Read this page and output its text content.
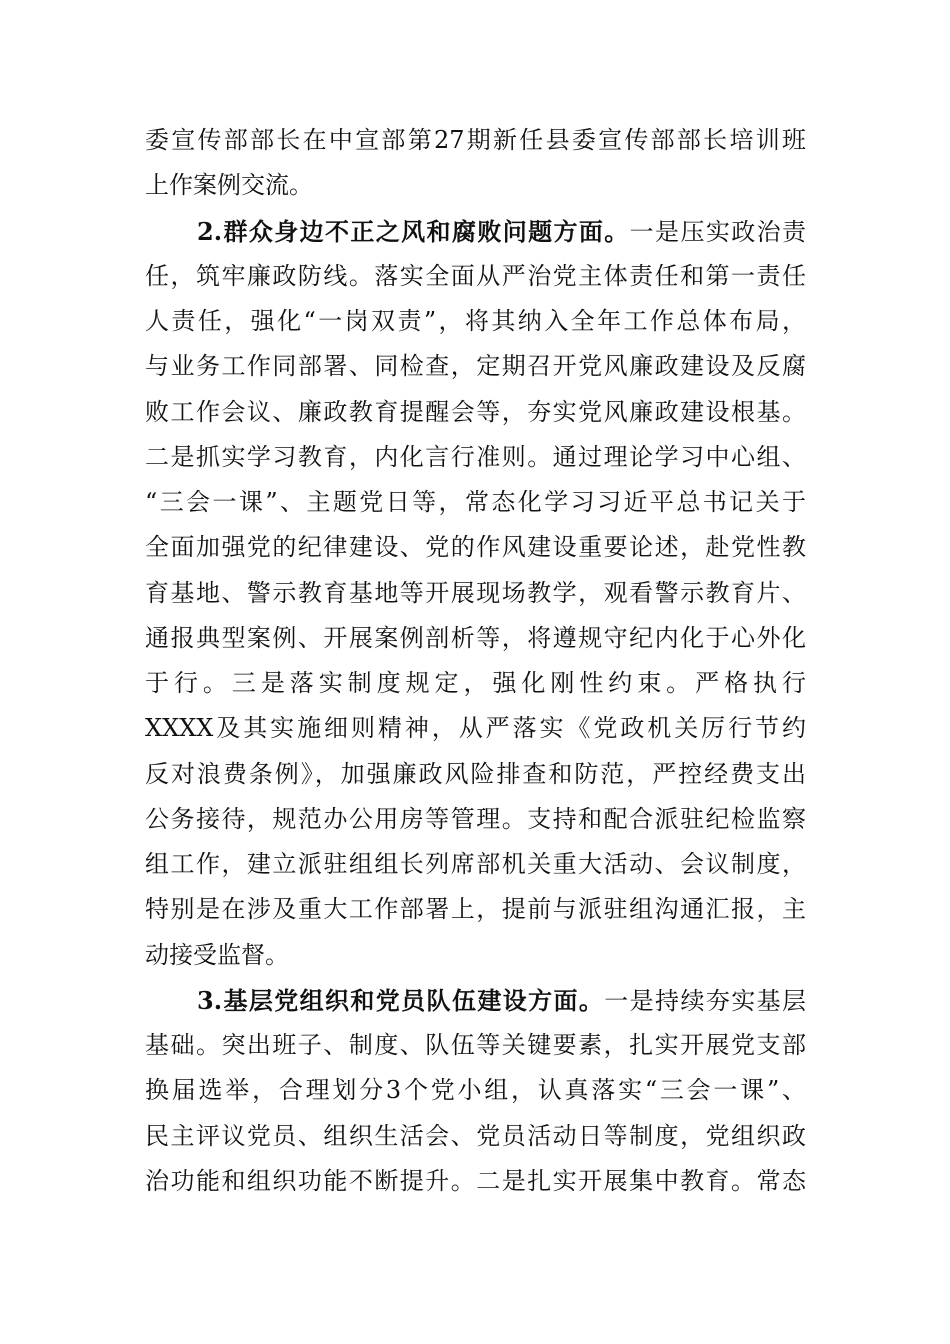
委宣传部部长在中宣部第27期新任县委宣传部部长培训班
上作案例交流。
2.群众身边不正之风和腐败问题方面。一是压实政治责
任，筑牢廉政防线。落实全面从严治党主体责任和第一责任
人责任，强化“一岗双责”，将其纳入全年工作总体布局，
与业务工作同部署、同检查，定期召开党风廉政建设及反腐
败工作会议、廉政教育提醒会等，夯实党风廉政建设根基。
二是抓实学习教育，内化言行准则。通过理论学习中心组、
“三会一课”、主题党日等，常态化学习习近平总书记关于
全面加强党的纪律建设、党的作风建设重要论述，赴党性教
育基地、警示教育基地等开展现场教学，观看警示教育片、
通报典型案例、开展案例剖析等，将遵规守纪内化于心外化
于行。三是落实制度规定，强化刚性约束。严格执行
XXXX及其实施细则精神，从严落实《党政机关厉行节约
反对浪费条例》，加强廉政风险排查和防范，严控经费支出
公务接待，规范办公用房等管理。支持和配合派驻纪检监察
组工作，建立派驻组组长列席部机关重大活动、会议制度，
特别是在涉及重大工作部署上，提前与派驻组沟通汇报，主
动接受监督。
3.基层党组织和党员队伍建设方面。一是持续夯实基层
基础。突出班子、制度、队伍等关键要素，扎实开展党支部
换届选举，合理划分3个党小组，认真落实“三会一课”、
民主评议党员、组织生活会、党员活动日等制度，党组织政
治功能和组织功能不断提升。二是扎实开展集中教育。常态
